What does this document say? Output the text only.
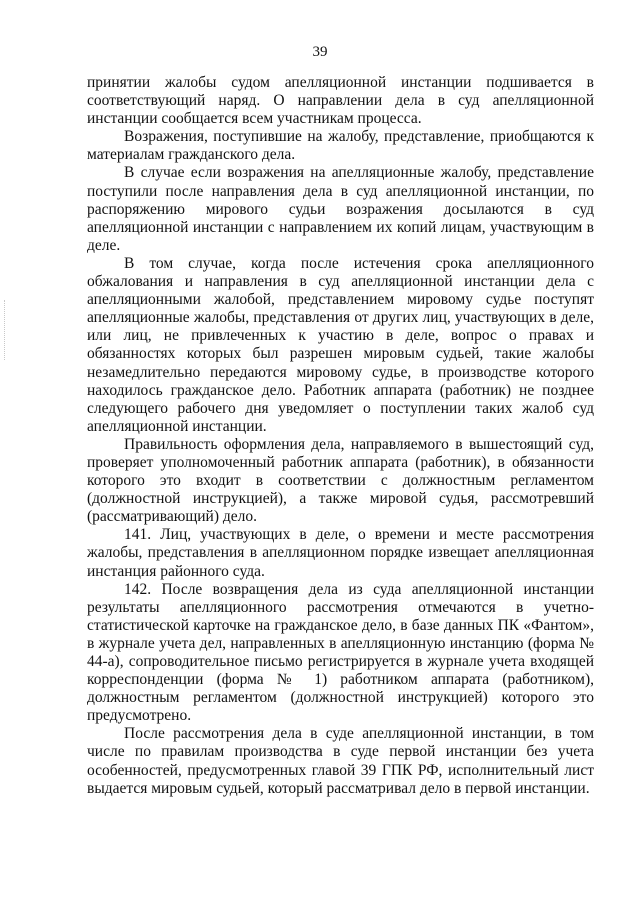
39

принятии жалобы судом апелляционной инстанции подшивается в соответствующий наряд. О направлении дела в суд апелляционной инстанции сообщается всем участникам процесса.

Возражения, поступившие на жалобу, представление, приобщаются к материалам гражданского дела.

В случае если возражения на апелляционные жалобу, представление поступили после направления дела в суд апелляционной инстанции, по распоряжению мирового судьи возражения досылаются в суд апелляционной инстанции с направлением их копий лицам, участвующим в деле.

В том случае, когда после истечения срока апелляционного обжалования и направления в суд апелляционной инстанции дела с апелляционными жалобой, представлением мировому судье поступят апелляционные жалобы, представления от других лиц, участвующих в деле, или лиц, не привлеченных к участию в деле, вопрос о правах и обязанностях которых был разрешен мировым судьей, такие жалобы незамедлительно передаются мировому судье, в производстве которого находилось гражданское дело. Работник аппарата (работник) не позднее следующего рабочего дня уведомляет о поступлении таких жалоб суд апелляционной инстанции.

Правильность оформления дела, направляемого в вышестоящий суд, проверяет уполномоченный работник аппарата (работник), в обязанности которого это входит в соответствии с должностным регламентом (должностной инструкцией), а также мировой судья, рассмотревший (рассматривающий) дело.

141. Лиц, участвующих в деле, о времени и месте рассмотрения жалобы, представления в апелляционном порядке извещает апелляционная инстанция районного суда.

142. После возвращения дела из суда апелляционной инстанции результаты апелляционного рассмотрения отмечаются в учетно-статистической карточке на гражданское дело, в базе данных ПК «Фантом», в журнале учета дел, направленных в апелляционную инстанцию (форма № 44-а), сопроводительное письмо регистрируется в журнале учета входящей корреспонденции (форма № 1) работником аппарата (работником), должностным регламентом (должностной инструкцией) которого это предусмотрено.

После рассмотрения дела в суде апелляционной инстанции, в том числе по правилам производства в суде первой инстанции без учета особенностей, предусмотренных главой 39 ГПК РФ, исполнительный лист выдается мировым судьей, который рассматривал дело в первой инстанции.
